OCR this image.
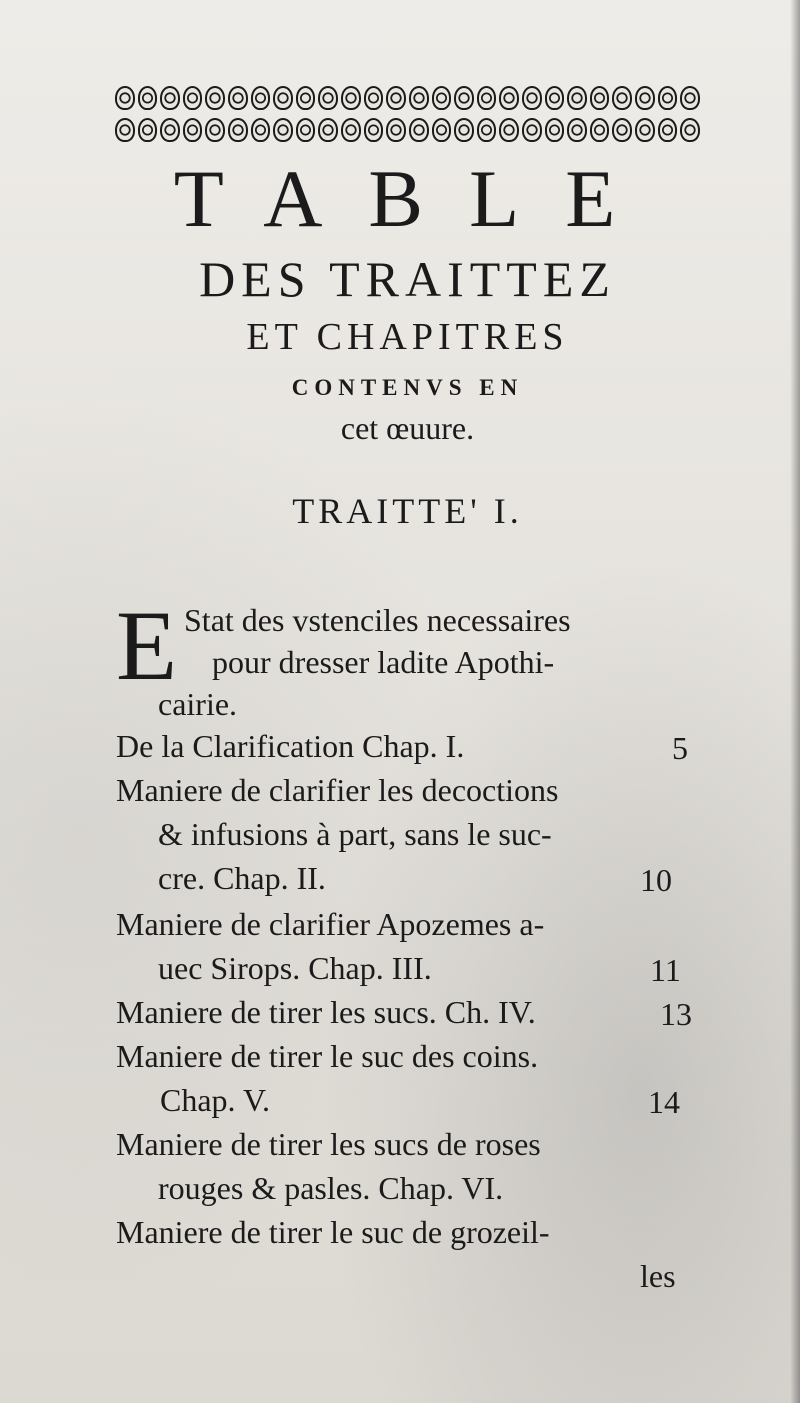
TABLE
DES TRAITTEZ
ET CHAPITRES
CONTENVS EN
cet œuure.
TRAITTE' I.
E Stat des vstenciles necessaires
pour dresser ladite Apothi-
cairie.
De la Clarification Chap. I.	5
Maniere de clarifier les decoctions
& infusions à part, sans le suc-
cre. Chap. II.	10
Maniere de clarifier Apozemes a-
uec Sirops. Chap. III.	11
Maniere de tirer les sucs. Ch. IV.	13
Maniere de tirer le suc des coins.
Chap. V.	14
Maniere de tirer les sucs de roses
rouges & pasles. Chap. VI.
Maniere de tirer le suc de grozeil-
les
